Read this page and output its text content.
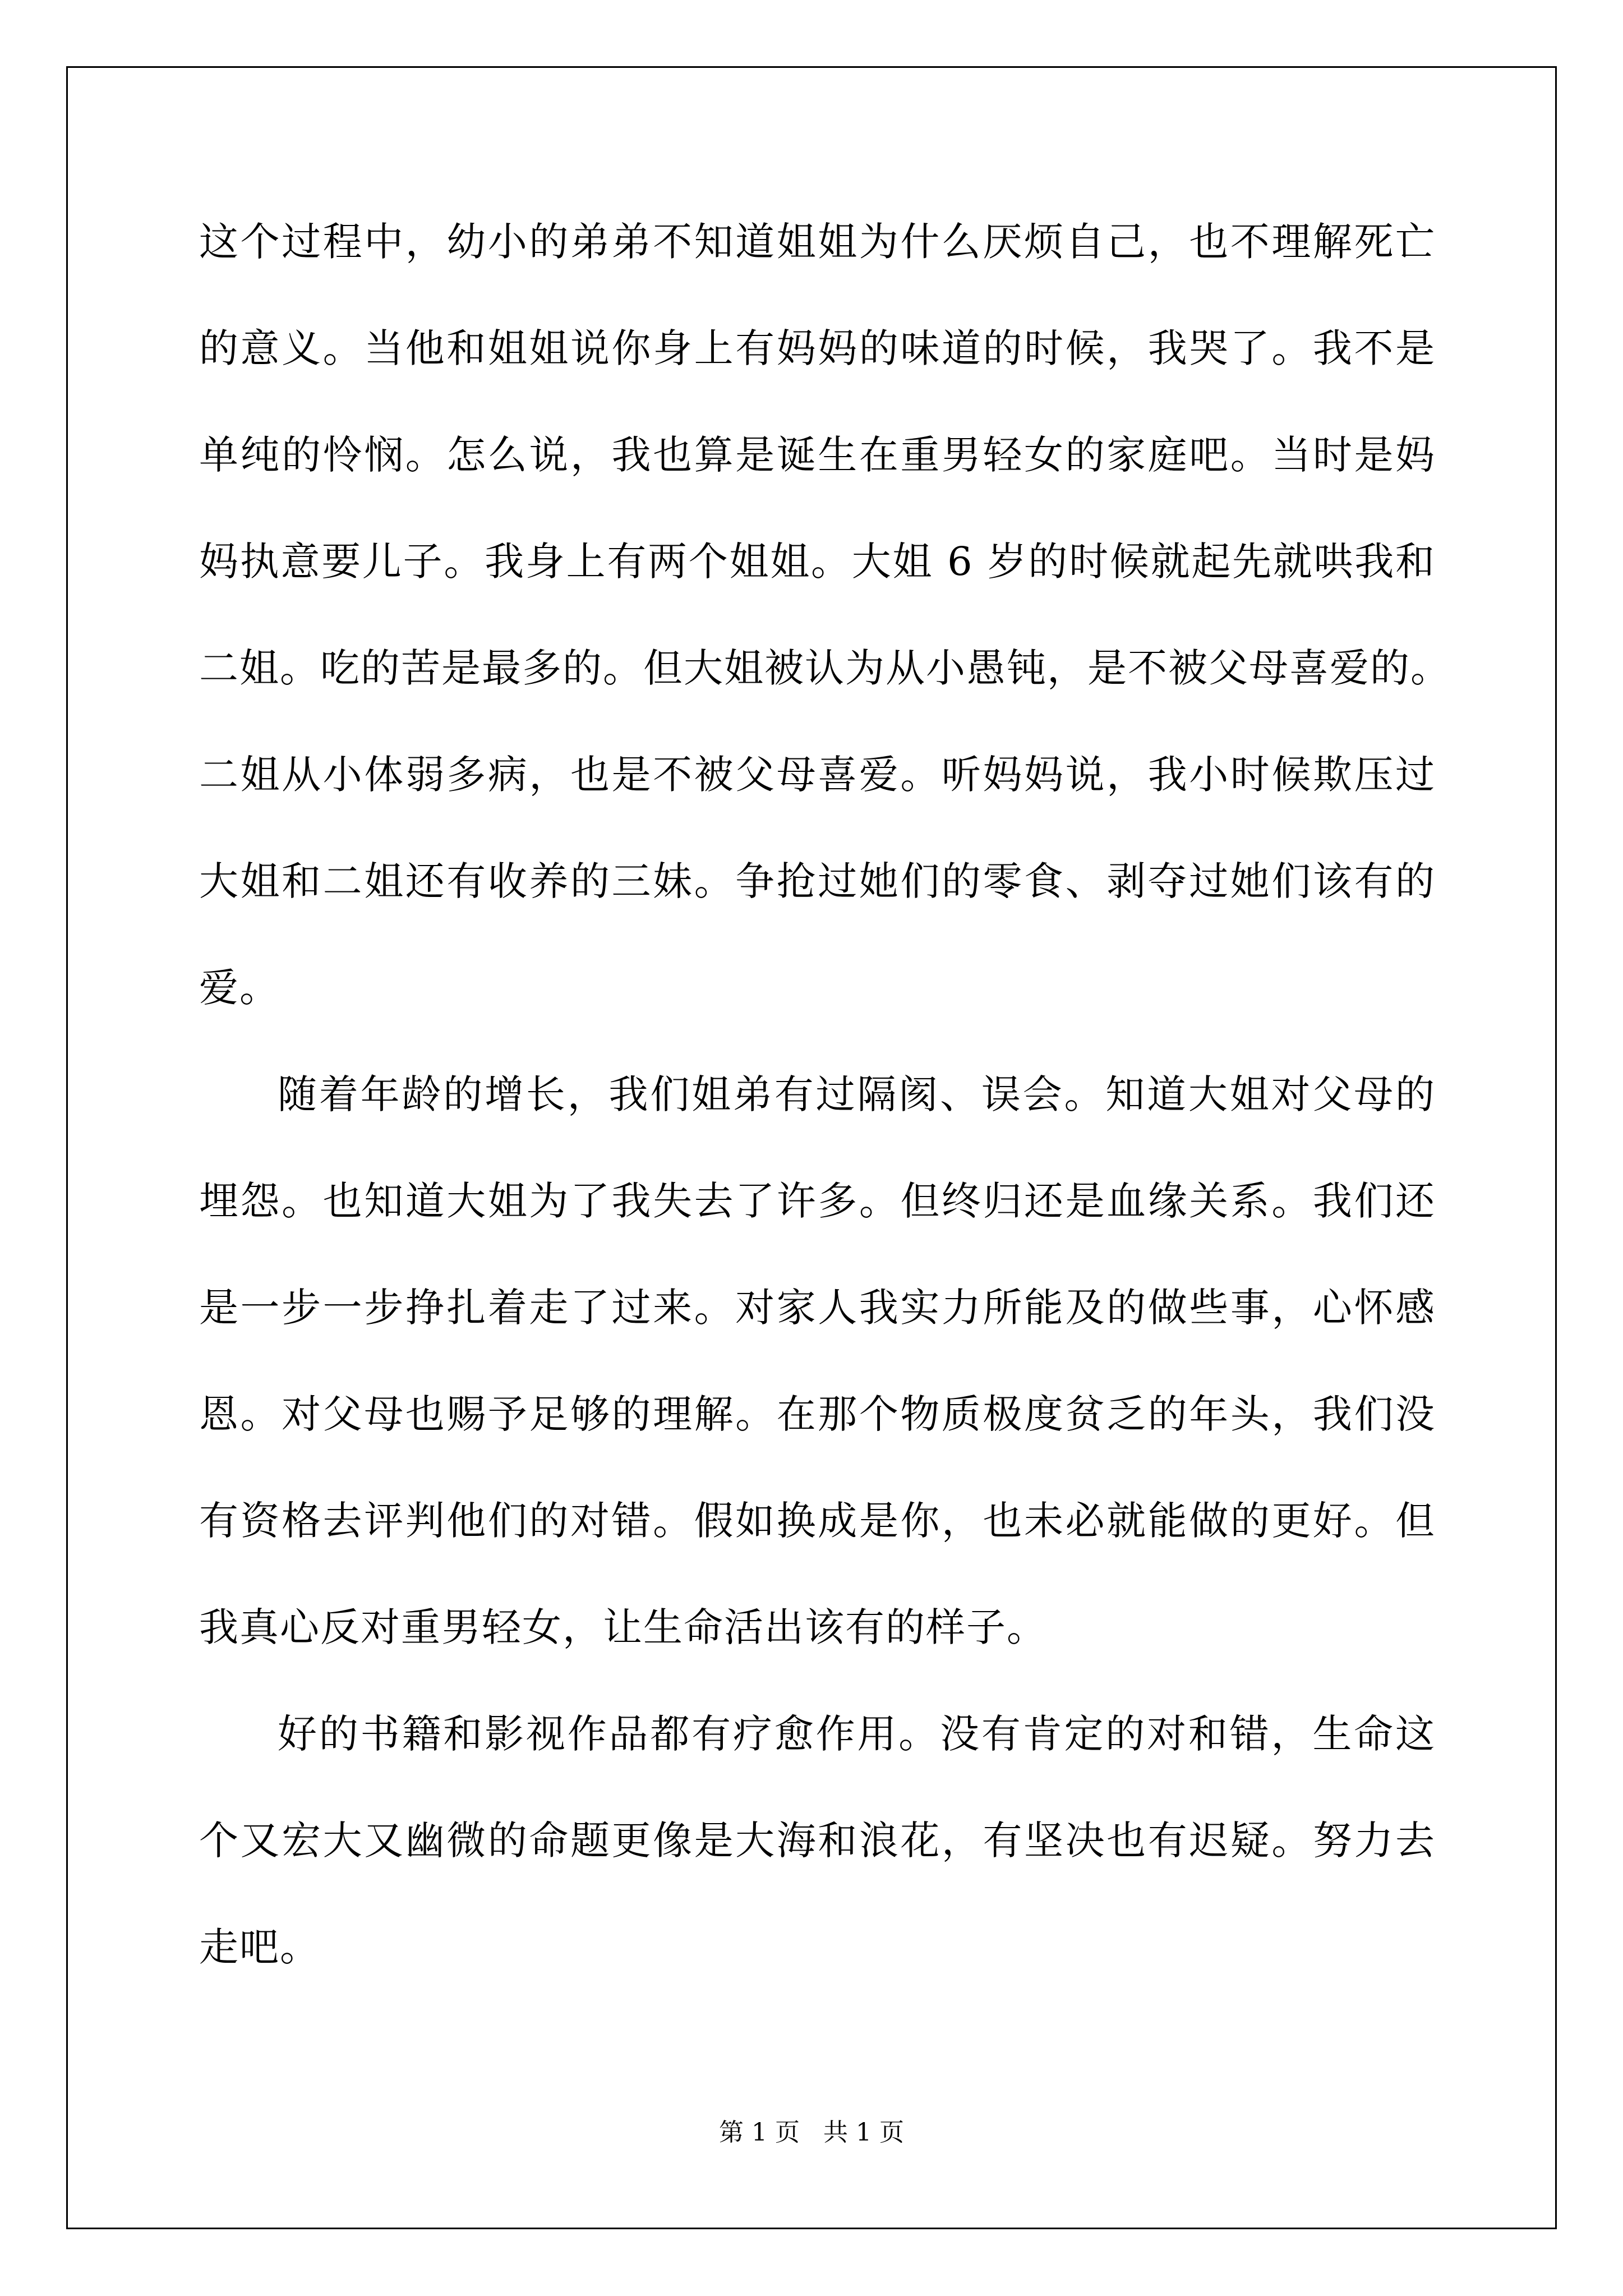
这个过程中，幼小的弟弟不知道姐姐为什么厌烦自己，也不理解死亡
的意义。当他和姐姐说你身上有妈妈的味道的时候，我哭了。我不是
单纯的怜悯。怎么说，我也算是诞生在重男轻女的家庭吧。当时是妈
妈执意要儿子。我身上有两个姐姐。大姐 6 岁的时候就起先就哄我和
二姐。吃的苦是最多的。但大姐被认为从小愚钝，是不被父母喜爱的。
二姐从小体弱多病，也是不被父母喜爱。听妈妈说，我小时候欺压过
大姐和二姐还有收养的三妹。争抢过她们的零食、剥夺过她们该有的
爱。
随着年龄的增长，我们姐弟有过隔阂、误会。知道大姐对父母的
埋怨。也知道大姐为了我失去了许多。但终归还是血缘关系。我们还
是一步一步挣扎着走了过来。对家人我实力所能及的做些事，心怀感
恩。对父母也赐予足够的理解。在那个物质极度贫乏的年头，我们没
有资格去评判他们的对错。假如换成是你，也未必就能做的更好。但
我真心反对重男轻女，让生命活出该有的样子。
好的书籍和影视作品都有疗愈作用。没有肯定的对和错，生命这
个又宏大又幽微的命题更像是大海和浪花，有坚决也有迟疑。努力去
走吧。
第 1 页   共 1 页
